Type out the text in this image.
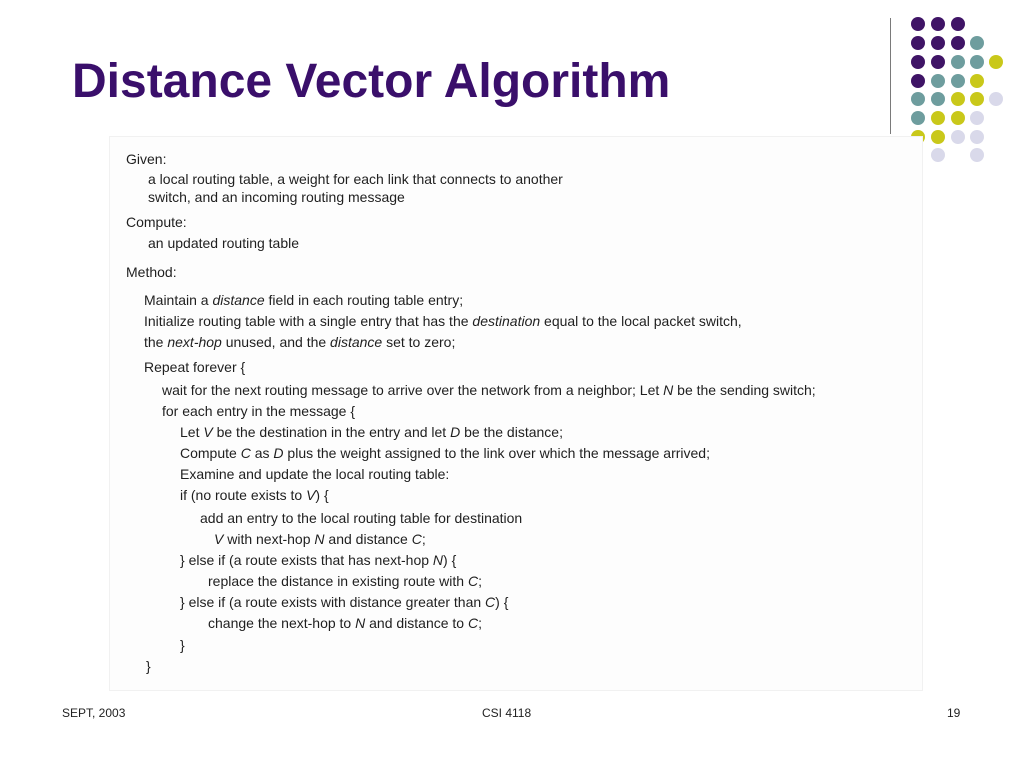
Distance Vector Algorithm
Given:
a local routing table, a weight for each link that connects to another
switch, and an incoming routing message
Compute:
an updated routing table
Method:
Maintain a distance field in each routing table entry;
Initialize routing table with a single entry that has the destination equal to the local packet switch,
the next-hop unused, and the distance set to zero;
Repeat forever {
wait for the next routing message to arrive over the network from a neighbor; Let N be the sending switch;
for each entry in the message {
Let V be the destination in the entry and let D be the distance;
Compute C as D plus the weight assigned to the link over which the message arrived;
Examine and update the local routing table:
if (no route exists to V) {
add an entry to the local routing table for destination
V with next-hop N and distance C;
} else if (a route exists that has next-hop N) {
replace the distance in existing route with C;
} else if (a route exists with distance greater than C) {
change the next-hop to N and distance to C;
}
}
SEPT, 2003	CSI 4118	19
